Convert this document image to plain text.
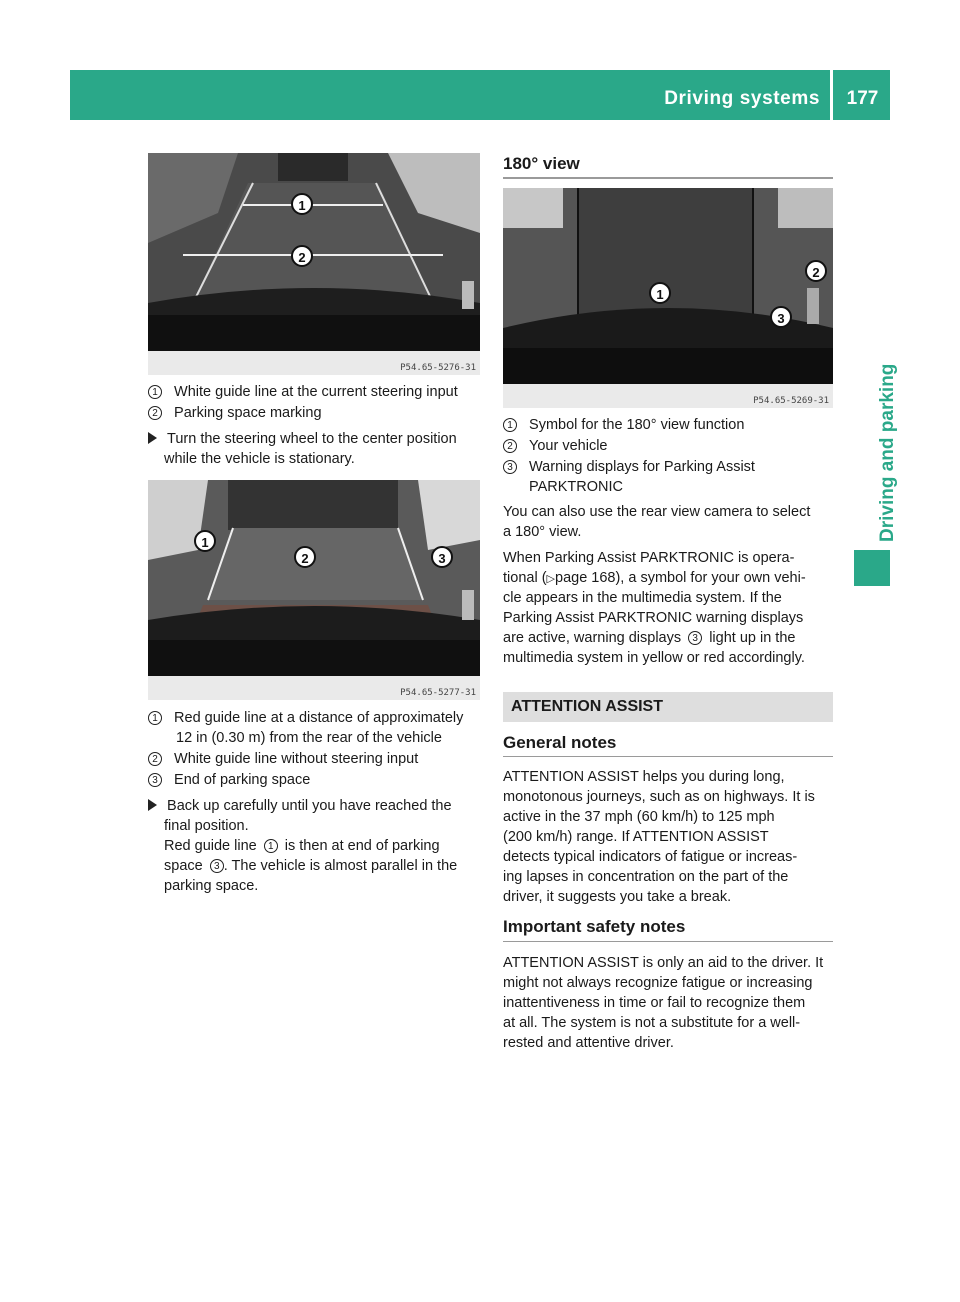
Driving systems	177
Driving and parking
1
2
P54.65-5276-31
1 White guide line at the current steering input
2 Parking space marking
Turn the steering wheel to the center position
while the vehicle is stationary.
1
2	3
P54.65-5277-31
1 Red guide line at a distance of approximately
12 in (0.30 m) from the rear of the vehicle
2 White guide line without steering input
3 End of parking space
Back up carefully until you have reached the
final position.
Red guide line 1 is then at end of parking
space 3 . The vehicle is almost parallel in the
parking space.
180° view
1
2
3
P54.65-5269-31
1 Symbol for the 180° view function
2 Your vehicle
3 Warning displays for Parking Assist
PARKTRONIC
You can also use the rear view camera to select
a 180° view.
When Parking Assist PARKTRONIC is opera-
tional (▷page 168), a symbol for your own vehi-
cle appears in the multimedia system. If the
Parking Assist PARKTRONIC warning displays
are active, warning displays 3 light up in the
multimedia system in yellow or red accordingly.
ATTENTION ASSIST
General notes
ATTENTION ASSIST helps you during long,
monotonous journeys, such as on highways. It is
active in the 37 mph (60 km/h) to 125 mph
(200 km/h) range. If ATTENTION ASSIST
detects typical indicators of fatigue or increas-
ing lapses in concentration on the part of the
driver, it suggests you take a break.
Important safety notes
ATTENTION ASSIST is only an aid to the driver. It
might not always recognize fatigue or increasing
inattentiveness in time or fail to recognize them
at all. The system is not a substitute for a well-
rested and attentive driver.
